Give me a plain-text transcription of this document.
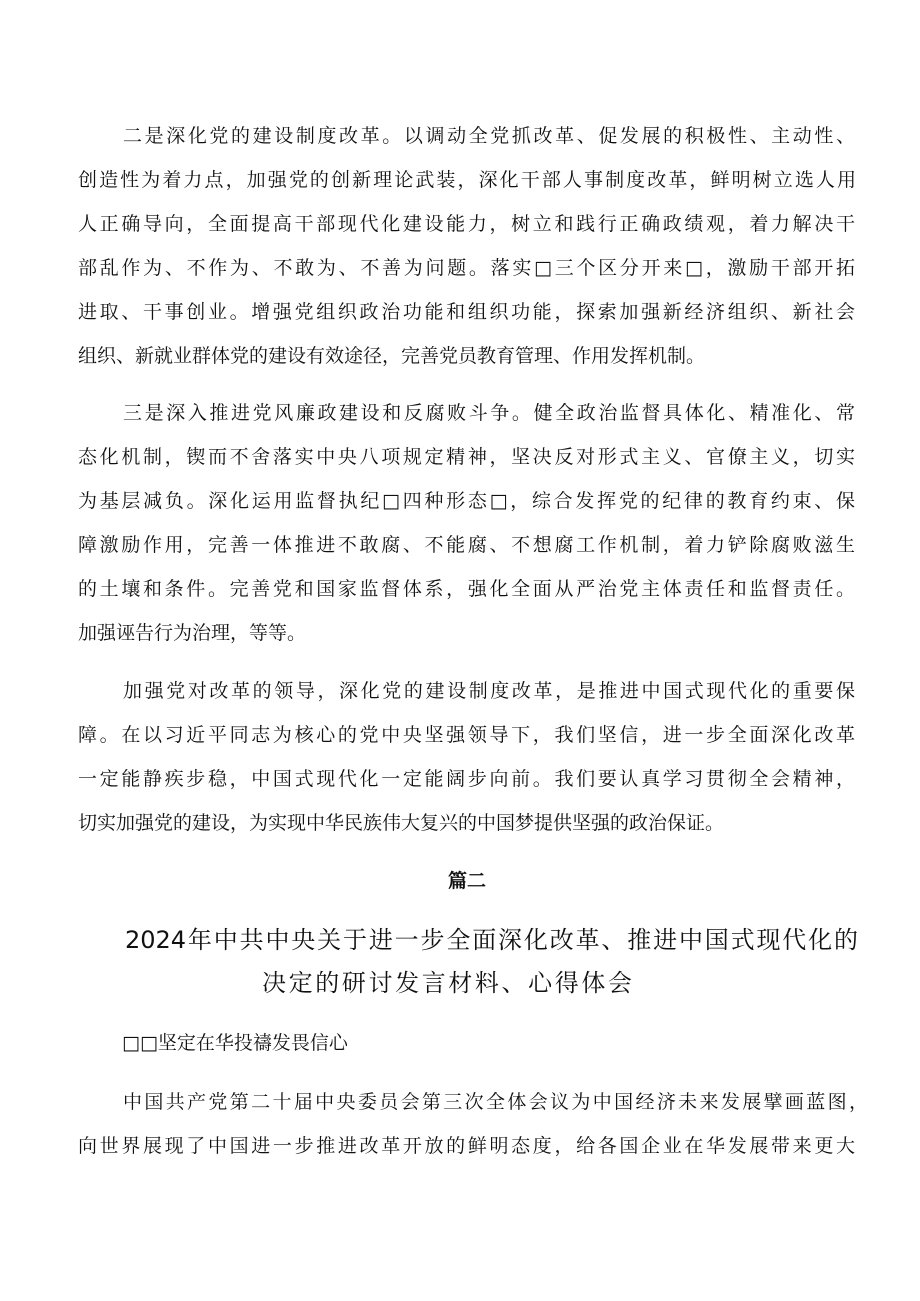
二是深化党的建设制度改革。以调动全党抓改革、促发展的积极性、主动性、

创造性为着力点，加强党的创新理论武装，深化干部人事制度改革，鲜明树立选人用

人正确导向，全面提高干部现代化建设能力，树立和践行正确政绩观，着力解决干

部乱作为、不作为、不敢为、不善为问题。落实□三个区分开来□，激励干部开拓

进取、干事创业。增强党组织政治功能和组织功能，探索加强新经济组织、新社会

组织、新就业群体党的建设有效途径，完善党员教育管理、作用发挥机制。

三是深入推进党风廉政建设和反腐败斗争。健全政治监督具体化、精准化、常

态化机制，锲而不舍落实中央八项规定精神，坚决反对形式主义、官僚主义，切实

为基层减负。深化运用监督执纪□四种形态□，综合发挥党的纪律的教育约束、保

障激励作用，完善一体推进不敢腐、不能腐、不想腐工作机制，着力铲除腐败滋生

的土壤和条件。完善党和国家监督体系，强化全面从严治党主体责任和监督责任。

加强诬告行为治理，等等。

加强党对改革的领导，深化党的建设制度改革，是推进中国式现代化的重要保

障。在以习近平同志为核心的党中央坚强领导下，我们坚信，进一步全面深化改革

一定能静疾步稳，中国式现代化一定能阔步向前。我们要认真学习贯彻全会精神，

切实加强党的建设，为实现中华民族伟大复兴的中国梦提供坚强的政治保证。

篇二

2024年中共中央关于进一步全面深化改革、推进中国式现代化的

决定的研讨发言材料、心得体会

□□坚定在华投禱发畏信心

中国共产党第二十届中央委员会第三次全体会议为中国经济未来发展擘画蓝图，

向世界展现了中国进一步推进改革开放的鲜明态度，给各国企业在华发展带来更大
